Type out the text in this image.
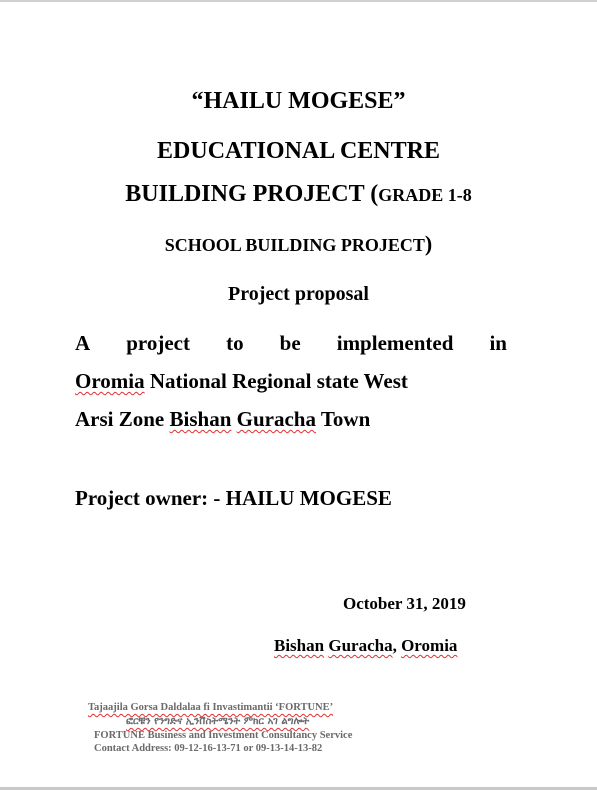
“HAILU MOGESE”
EDUCATIONAL CENTRE
BUILDING PROJECT (GRADE 1-8
SCHOOL BUILDING PROJECT)
Project proposal
A project to be implemented in
Oromia National Regional state West
Arsi Zone Bishan Guracha Town
Project owner: - HAILU MOGESE
October 31, 2019
Bishan Guracha, Oromia
Tajaajila Gorsa Daldalaa fi Invastimantii ‘FORTUNE’
ፎርቹን የንግድና ኢንቨስትሜንት ምክር አገ ልግሎት
FORTUNE Business and Investment Consultancy Service
Contact Address: 09-12-16-13-71 or 09-13-14-13-82
